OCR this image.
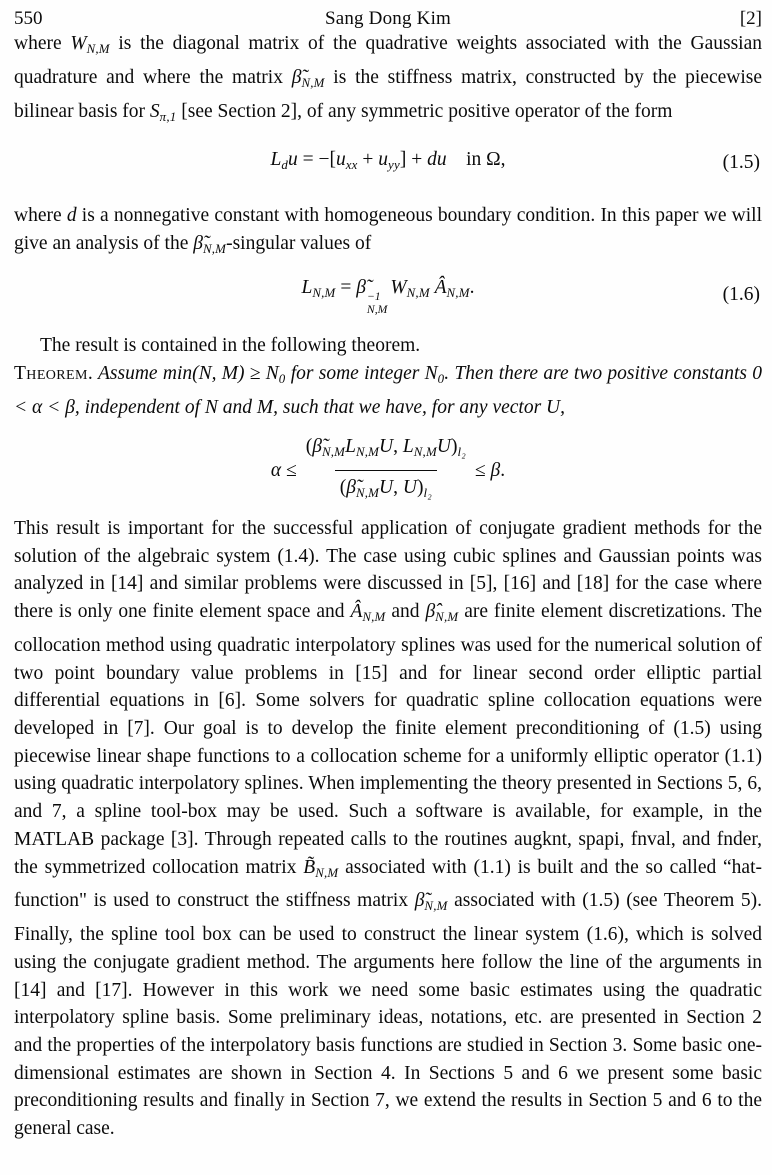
550	Sang Dong Kim	[2]

where $W_{N,M}$ is the diagonal matrix of the quadrative weights associated with the Gaussian quadrature and where the matrix $\betã_{N,M}$ is the stiffness matrix, constructed by the piecewise bilinear basis for $S_{\pi,1}$ [see Section 2], of any symmetric positive operator of the form

$L_du = -[u_{xx} + u_{yy}]$ + du in Ω,	(1.5)

where d is a nonnegative constant with homogeneous boundary condition. In this paper we will give an analysis of the $\betã_{N,M}$-singular values of

$L_{N,M}$ = β̃ −1
N,M
$W_{N,M}$ $Â_{N,M}$.	(1.6)

The result is contained in the following theorem.

Theorem. Assume min(N, $M) \ge N_0$ for some integer $N_0$. Then there are two positive constants 0 < α < β, independent of N and M, such that we have, for any vector U,

$\alpha \le \frac{(\betã_{N,M}L_{N,M}U, L_{N,M}U)_{l_2}}{(\betã_{N,M}U, U)_{l_2}} \le \beta$.

This result is important for the successful application of conjugate gradient methods for the solution of the algebraic system (1.4). The case using cubic splines and Gaussian points was analyzed in [14] and similar problems were discussed in [5], [16] and [18] for the case where there is only one finite element space and $Â_{N,M}$ and $\betâ_{N,M}$ are finite element discretizations. The collocation method using quadratic interpolatory splines was used for the numerical solution of two point boundary value problems in [15] and for linear second order elliptic partial differential equations in [6]. Some solvers for quadratic spline collocation equations were developed in [7]. Our goal is to develop the finite element preconditioning of (1.5) using piecewise linear shape functions to a collocation scheme for a uniformly elliptic operator (1.1) using quadratic interpolatory splines. When implementing the theory presented in Sections 5, 6, and 7, a spline tool-box may be used. Such a software is available, for example, in the MATLAB package [3]. Through repeated calls to the routines augknt, spapi, fnval, and fnder, the symmetrized collocation matrix $B̃_{N,M}$ associated with (1.1) is built and the so called “hat-function" is used to construct the stiffness matrix $\betã_{N,M}$ associated with (1.5) (see Theorem 5). Finally, the spline tool box can be used to construct the linear system (1.6), which is solved using the conjugate gradient method. The arguments here follow the line of the arguments in [14] and [17]. However in this work we need some basic estimates using the quadratic interpolatory spline basis. Some preliminary ideas, notations, etc. are presented in Section 2 and the properties of the interpolatory basis functions are studied in Section 3. Some basic one-dimensional estimates are shown in Section 4. In Sections 5 and 6 we present some basic preconditioning results and finally in Section 7, we extend the results in Section 5 and 6 to the general case.
